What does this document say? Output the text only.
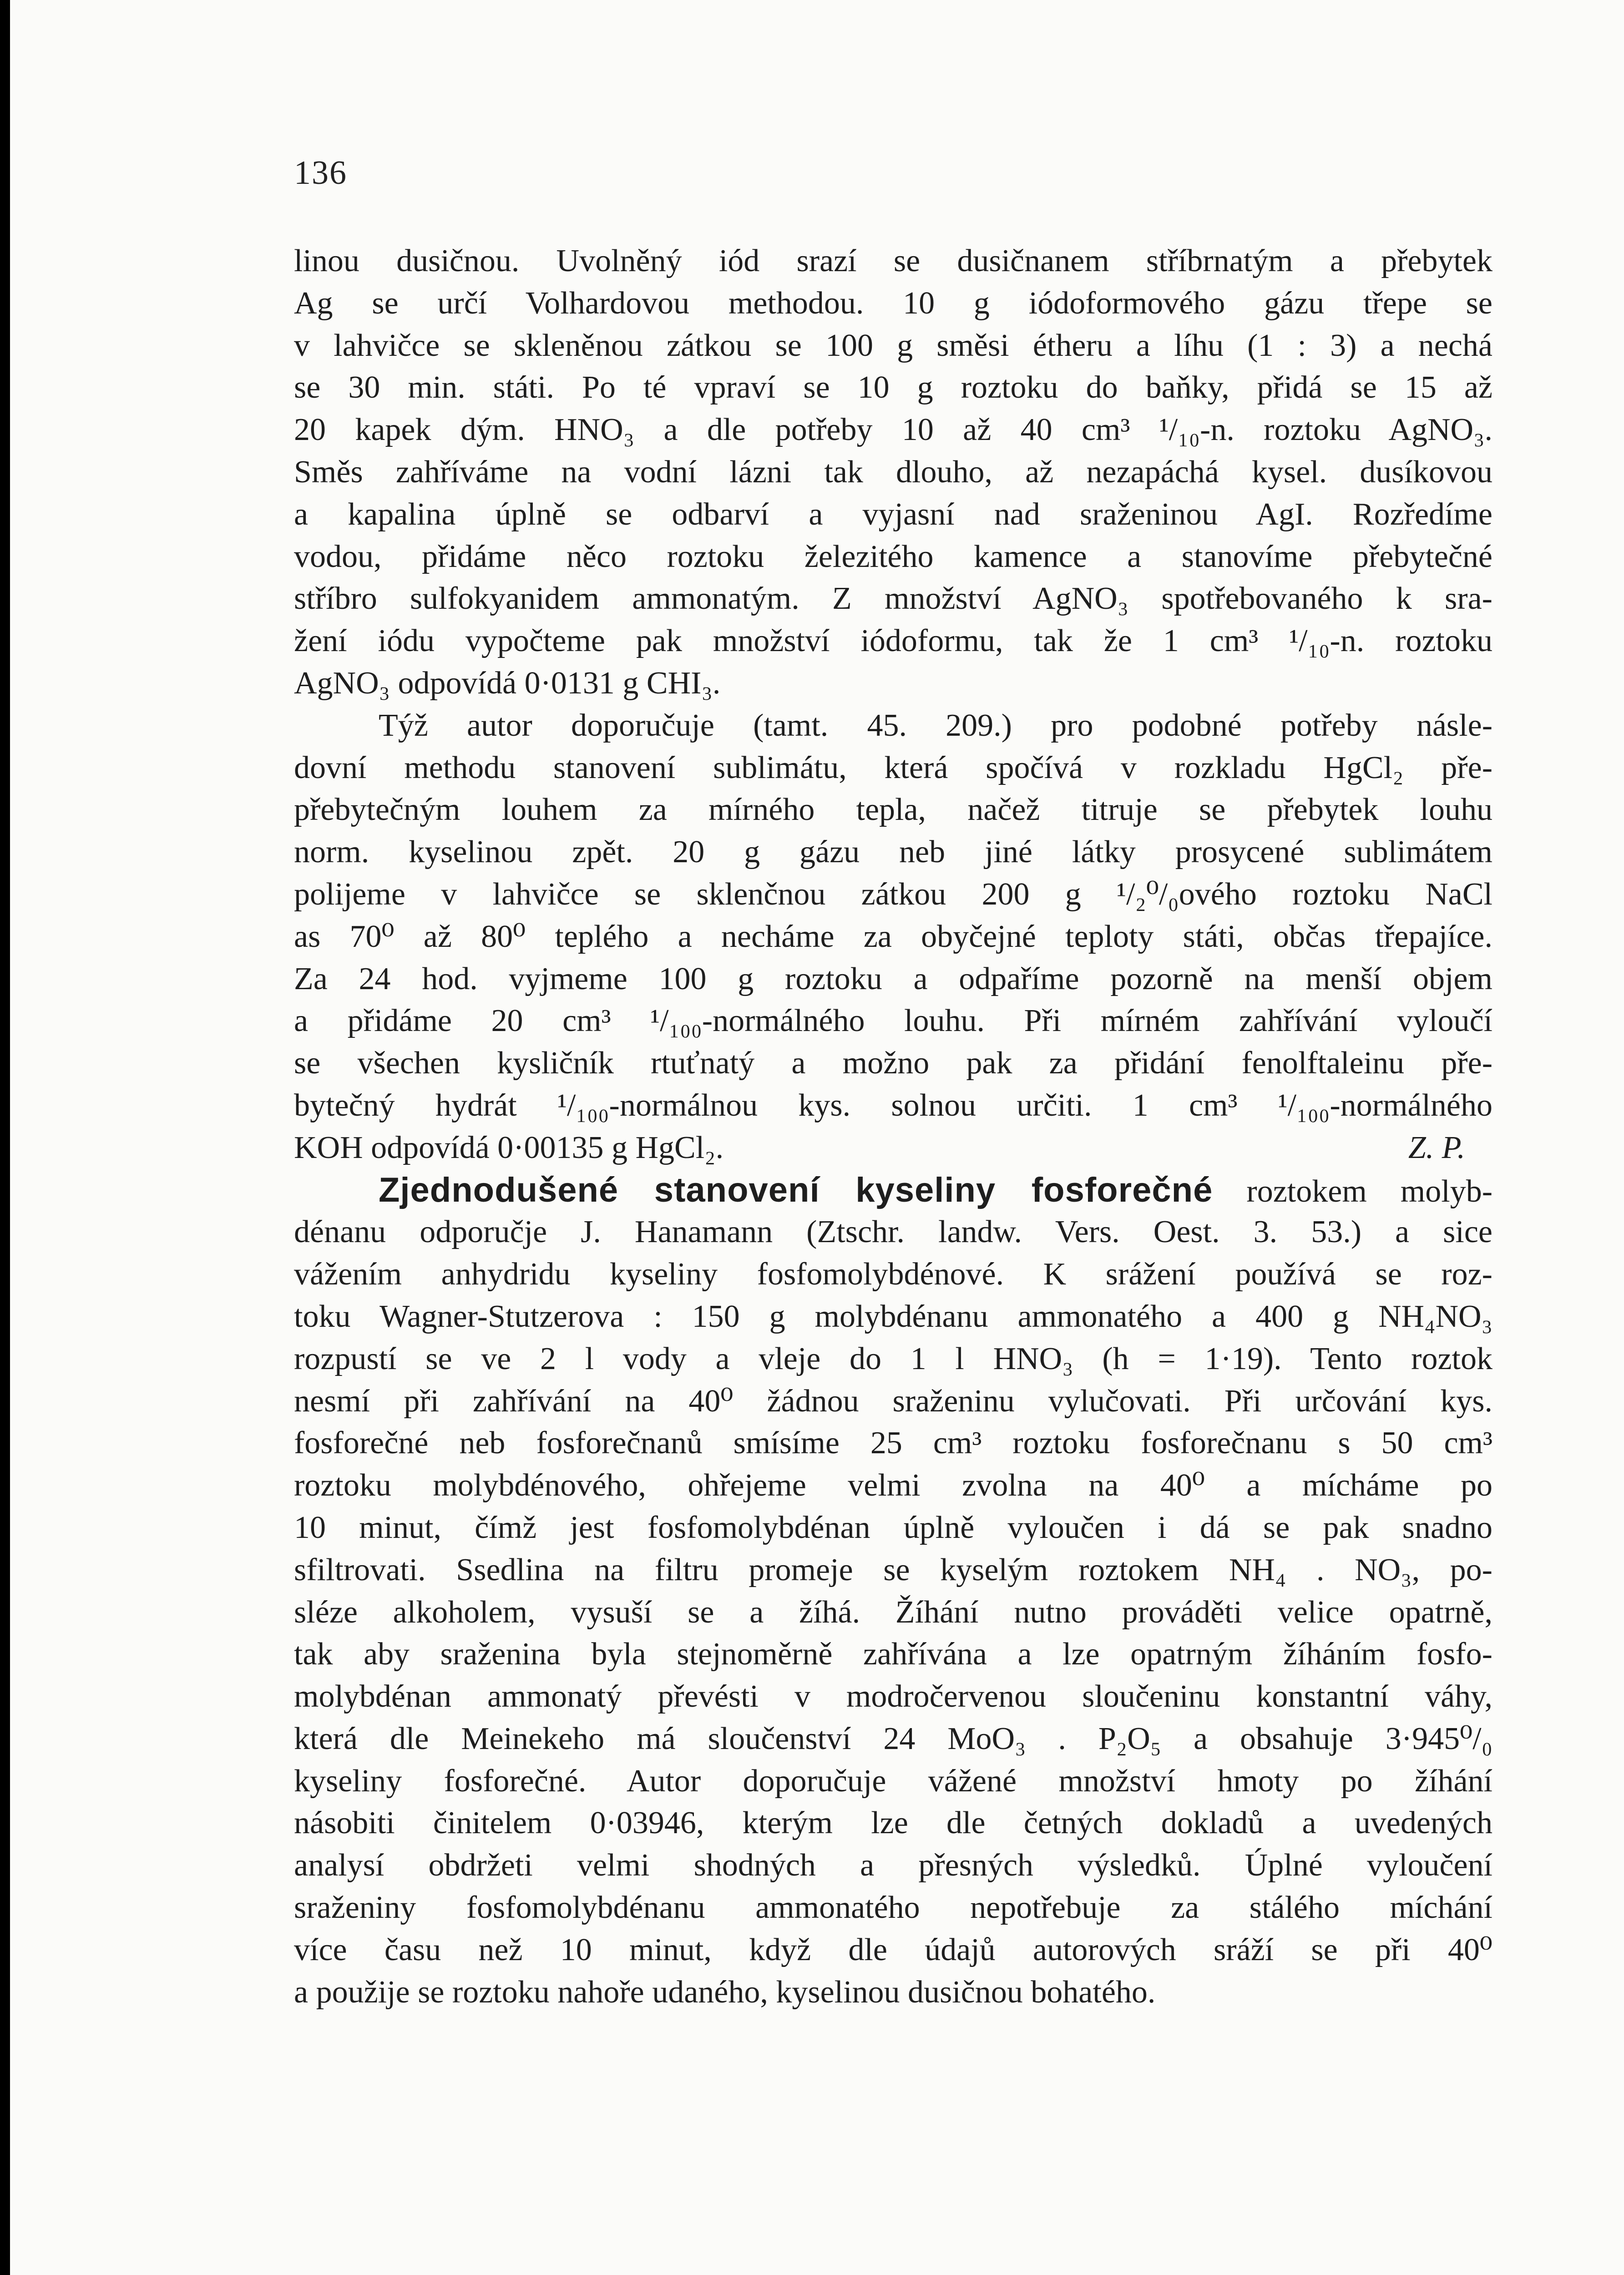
136
linou dusičnou. Uvolněný iód srazí se dusičnanem stříbrnatým a přebytek
Ag se určí Volhardovou methodou. 10 g iódoformového gázu třepe se
v lahvičce se skleněnou zátkou se 100 g směsi étheru a líhu (1 : 3) a nechá
se 30 min. státi. Po té vpraví se 10 g roztoku do baňky, přidá se 15 až
20 kapek dým. HNO₃ a dle potřeby 10 až 40 cm³ ¹/₁₀-n. roztoku AgNO₃.
Směs zahříváme na vodní lázni tak dlouho, až nezapáchá kysel. dusíkovou
a kapalina úplně se odbarví a vyjasní nad sraženinou AgI. Rozředíme
vodou, přidáme něco roztoku železitého kamence a stanovíme přebytečné
stříbro sulfokyanidem ammonatým. Z množství AgNO₃ spotřebovaného k sra-
žení iódu vypočteme pak množství iódoformu, tak že 1 cm³ ¹/₁₀-n. roztoku
AgNO₃ odpovídá 0·0131 g CHI₃.
Týž autor doporučuje (tamt. 45. 209.) pro podobné potřeby násle-
dovní methodu stanovení sublimátu, která spočívá v rozkladu HgCl₂ pře-
přebytečným louhem za mírného tepla, načež titruje se přebytek louhu
norm. kyselinou zpět. 20 g gázu neb jiné látky prosycené sublimátem
polijeme v lahvičce se sklenčnou zátkou 200 g ¹/₂⁰/₀ového roztoku NaCl
as 70⁰ až 80⁰ teplého a necháme za obyčejné teploty státi, občas třepajíce.
Za 24 hod. vyjmeme 100 g roztoku a odpaříme pozorně na menší objem
a přidáme 20 cm³ ¹/₁₀₀-normálného louhu. Při mírném zahřívání vyloučí
se všechen kysličník rtuťnatý a možno pak za přidání fenolftaleinu pře-
bytečný hydrát ¹/₁₀₀-normálnou kys. solnou určiti. 1 cm³ ¹/₁₀₀-normálného
KOH odpovídá 0·00135 g HgCl₂.	Z. P.
Zjednodušené stanovení kyseliny fosforečné roztokem molyb-
dénanu odporučje J. Hanamann (Ztschr. landw. Vers. Oest. 3. 53.) a sice
vážením anhydridu kyseliny fosfomolybdénové. K srážení používá se roz-
toku Wagner-Stutzerova : 150 g molybdénanu ammonatého a 400 g NH₄NO₃
rozpustí se ve 2 l vody a vleje do 1 l HNO₃ (h = 1·19). Tento roztok
nesmí při zahřívání na 40⁰ žádnou sraženinu vylučovati. Při určování kys.
fosforečné neb fosforečnanů smísíme 25 cm³ roztoku fosforečnanu s 50 cm³
roztoku molybdénového, ohřejeme velmi zvolna na 40⁰ a mícháme po
10 minut, čímž jest fosfomolybdénan úplně vyloučen i dá se pak snadno
sfiltrovati. Ssedlina na filtru promeje se kyselým roztokem NH₄ . NO₃, po-
sléze alkoholem, vysuší se a žíhá. Žíhání nutno prováděti velice opatrně,
tak aby sraženina byla stejnoměrně zahřívána a lze opatrným žíháním fosfo-
molybdénan ammonatý převésti v modročervenou sloučeninu konstantní váhy,
která dle Meinekeho má sloučenství 24 MoO₃ . P₂O₅ a obsahuje 3·945⁰/₀
kyseliny fosforečné. Autor doporučuje vážené množství hmoty po žíhání
násobiti činitelem 0·03946, kterým lze dle četných dokladů a uvedených
analysí obdržeti velmi shodných a přesných výsledků. Úplné vyloučení
sraženiny fosfomolybdénanu ammonatého nepotřebuje za stálého míchání
více času než 10 minut, když dle údajů autorových sráží se při 40⁰
a použije se roztoku nahoře udaného, kyselinou dusičnou bohatého.
